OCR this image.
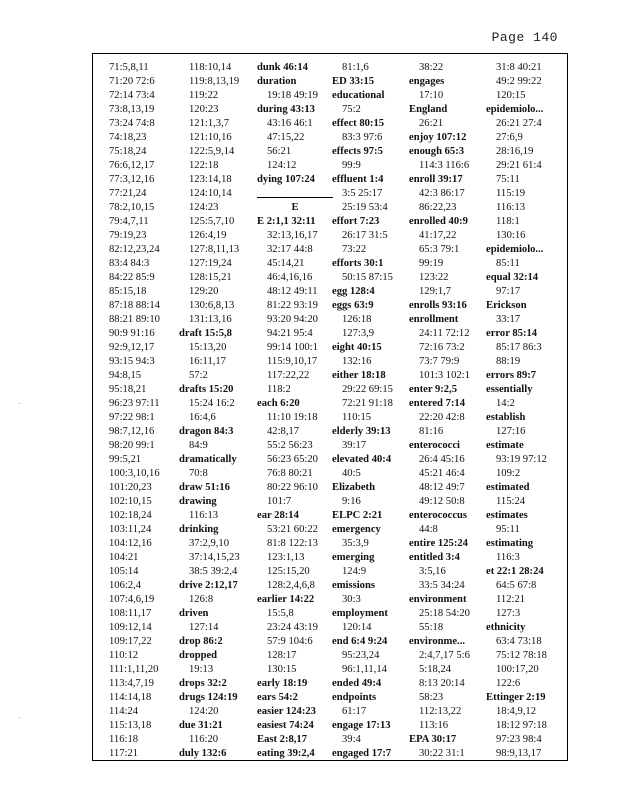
Page 140
·
·
71:5,8,11
71:20 72:6
72:14 73:4
73:8,13,19
73:24 74:8
74:18,23
75:18,24
76:6,12,17
77:3,12,16
77:21,24
78:2,10,15
79:4,7,11
79:19,23
82:12,23,24
83:4 84:3
84:22 85:9
85:15,18
87:18 88:14
88:21 89:10
90:9 91:16
92:9,12,17
93:15 94:3
94:8,15
95:18,21
96:23 97:11
97:22 98:1
98:7,12,16
98:20 99:1
99:5,21
100:3,10,16
101:20,23
102:10,15
102:18,24
103:11,24
104:12,16
104:21
105:14
106:2,4
107:4,6,19
108:11,17
109:12,14
109:17,22
110:12
111:1,11,20
113:4,7,19
114:14,18
114:24
115:13,18
116:18
117:21
118:10,14
119:8,13,19
119:22
120:23
121:1,3,7
121:10,16
122:5,9,14
122:18
123:14,18
124:10,14
124:23
125:5,7,10
126:4,19
127:8,11,13
127:19,24
128:15,21
129:20
130:6,8,13
131:13,16
draft 15:5,8
15:13,20
16:11,17
57:2
drafts 15:20
15:24 16:2
16:4,6
dragon 84:3
84:9
dramatically
70:8
draw 51:16
drawing
116:13
drinking
37:2,9,10
37:14,15,23
38:5 39:2,4
drive 2:12,17
126:8
driven
127:14
drop 86:2
dropped
19:13
drops 32:2
drugs 124:19
124:20
due 31:21
116:20
duly 132:6
dunk 46:14
duration
19:18 49:19
during 43:13
43:16 46:1
47:15,22
56:21
124:12
dying 107:24
E
E 2:1,1 32:11
32:13,16,17
32:17 44:8
45:14,21
46:4,16,16
48:12 49:11
81:22 93:19
93:20 94:20
94:21 95:4
99:14 100:1
115:9,10,17
117:22,22
118:2
each 6:20
11:10 19:18
42:8,17
55:2 56:23
56:23 65:20
76:8 80:21
80:22 96:10
101:7
ear 28:14
53:21 60:22
81:8 122:13
123:1,13
125:15,20
128:2,4,6,8
earlier 14:22
15:5,8
23:24 43:19
57:9 104:6
128:17
130:15
early 18:19
ears 54:2
easier 124:23
easiest 74:24
East 2:8,17
eating 39:2,4
81:1,6
ED 33:15
educational
75:2
effect 80:15
83:3 97:6
effects 97:5
99:9
effluent 1:4
3:5 25:17
25:19 53:4
effort 7:23
26:17 31:5
73:22
efforts 30:1
50:15 87:15
egg 128:4
eggs 63:9
126:18
127:3,9
eight 40:15
132:16
either 18:18
29:22 69:15
72:21 91:18
110:15
elderly 39:13
39:17
elevated 40:4
40:5
Elizabeth
9:16
ELPC 2:21
emergency
35:3,9
emerging
124:9
emissions
30:3
employment
120:14
end 6:4 9:24
95:23,24
96:1,11,14
ended 49:4
endpoints
61:17
engage 17:13
39:4
engaged 17:7
38:22
engages
17:10
England
26:21
enjoy 107:12
enough 65:3
114:3 116:6
enroll 39:17
42:3 86:17
86:22,23
enrolled 40:9
41:17,22
65:3 79:1
99:19
123:22
129:1,7
enrolls 93:16
enrollment
24:11 72:12
72:16 73:2
73:7 79:9
101:3 102:1
enter 9:2,5
entered 7:14
22:20 42:8
81:16
enterococci
26:4 45:16
45:21 46:4
48:12 49:7
49:12 50:8
enterococcus
44:8
entire 125:24
entitled 3:4
3:5,16
33:5 34:24
environment
25:18 54:20
55:18
environme...
2:4,7,17 5:6
5:18,24
8:13 20:14
58:23
112:13,22
113:16
EPA 30:17
30:22 31:1
31:8 40:21
49:2 99:22
120:15
epidemiolo...
26:21 27:4
27:6,9
28:16,19
29:21 61:4
75:11
115:19
116:13
118:1
130:16
epidemiolo...
85:11
equal 32:14
97:17
Erickson
33:17
error 85:14
85:17 86:3
88:19
errors 89:7
essentially
14:2
establish
127:16
estimate
93:19 97:12
109:2
estimated
115:24
estimates
95:11
estimating
116:3
et 22:1 28:24
64:5 67:8
112:21
127:3
ethnicity
63:4 73:18
75:12 78:18
100:17,20
122:6
Ettinger 2:19
18:4,9,12
18:12 97:18
97:23 98:4
98:9,13,17
